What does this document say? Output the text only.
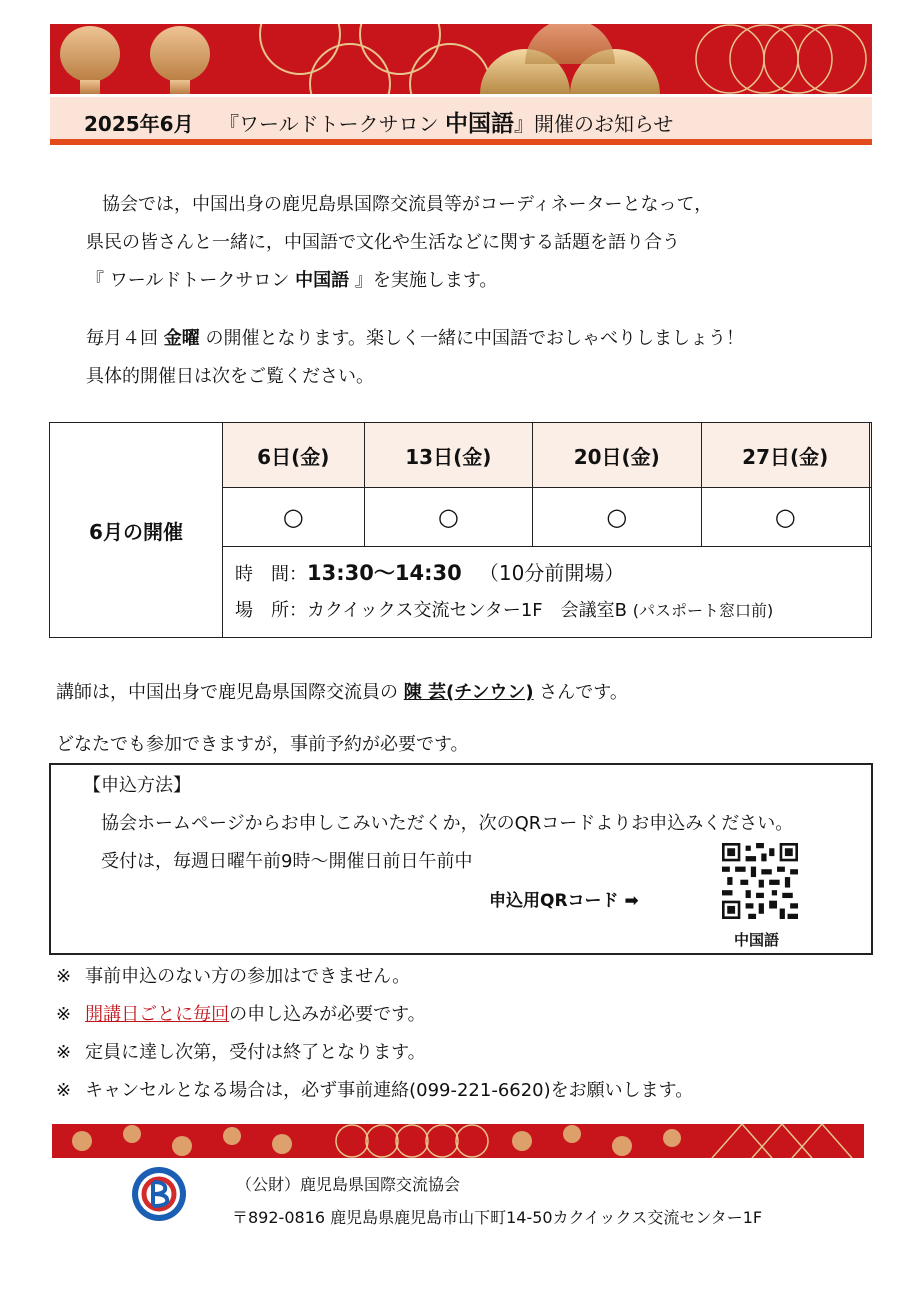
2025年6月 『ワールドトークサロン 中国語』開催のお知らせ
協会では，中国出身の鹿児島県国際交流員等がコーディネーターとなって，
県民の皆さんと一緒に，中国語で文化や生活などに関する話題を語り合う
『 ワールドトークサロン 中国語 』を実施します。
毎月４回 金曜 の開催となります。楽しく一緒に中国語でおしゃべりしましょう！
具体的開催日は次をご覧ください。
6月の開催	6日(金)	13日(金)	20日(金)	27日(金)	
	○	○	○	○	

	時　間：13:30〜14:30 （10分前開場）
場　所：カクイックス交流センター1F　会議室B (パスポート窓口前)				
講師は，中国出身で鹿児島県国際交流員の 陳 芸(チンウン) さんです。
どなたでも参加できますが，事前予約が必要です。
【申込方法】
協会ホームページからお申しこみいただくか，次のQRコードよりお申込みください。
受付は，毎週日曜午前9時〜開催日前日午前中
申込用QRコード ➡
中国語
※ 事前申込のない方の参加はできません。
※ 開講日ごとに毎回の申し込みが必要です。
※ 定員に達し次第，受付は終了となります。
※ キャンセルとなる場合は，必ず事前連絡(099-221-6620)をお願いします。
（公財）鹿児島県国際交流協会
〒892-0816 鹿児島県鹿児島市山下町14-50カクイックス交流センター1F
